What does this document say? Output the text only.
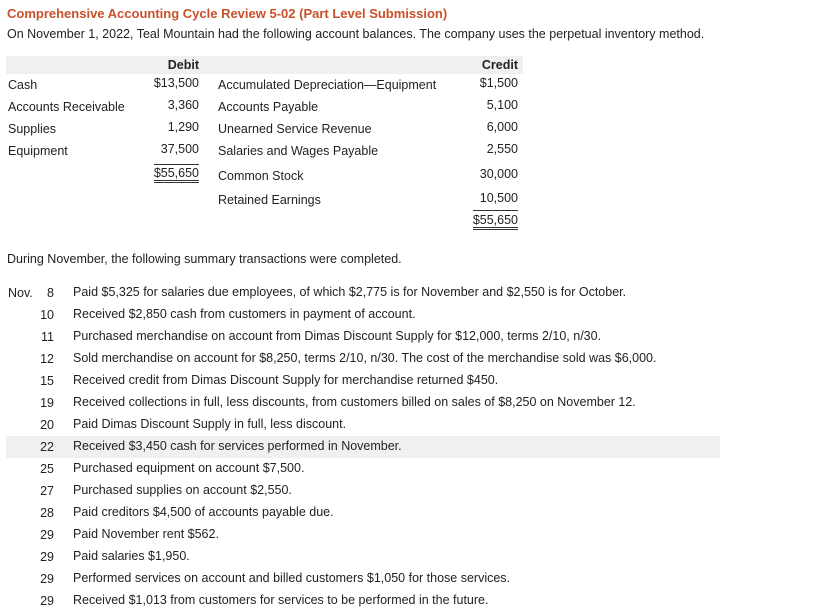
Comprehensive Accounting Cycle Review 5-02 (Part Level Submission)
On November 1, 2022, Teal Mountain had the following account balances. The company uses the perpetual inventory method.
Debit	Credit
Cash	$13,500 Accumulated Depreciation—Equipment	$1,500
Accounts Receivable	3,360 Accounts Payable	5,100
Supplies	1,290 Unearned Service Revenue	6,000
Equipment	37,500 Salaries and Wages Payable	2,550
$55,650 Common Stock	30,000
Retained Earnings	10,500
$55,650
During November, the following summary transactions were completed.
Nov.	8 Paid $5,325 for salaries due employees, of which $2,775 is for November and $2,550 is for October.
10 Received $2,850 cash from customers in payment of account.
11 Purchased merchandise on account from Dimas Discount Supply for $12,000, terms 2/10, n/30.
12 Sold merchandise on account for $8,250, terms 2/10, n/30. The cost of the merchandise sold was $6,000.
15 Received credit from Dimas Discount Supply for merchandise returned $450.
19 Received collections in full, less discounts, from customers billed on sales of $8,250 on November 12.
20 Paid Dimas Discount Supply in full, less discount.
22 Received $3,450 cash for services performed in November.
25 Purchased equipment on account $7,500.
27 Purchased supplies on account $2,550.
28 Paid creditors $4,500 of accounts payable due.
29 Paid November rent $562.
29 Paid salaries $1,950.
29 Performed services on account and billed customers $1,050 for those services.
29 Received $1,013 from customers for services to be performed in the future.
